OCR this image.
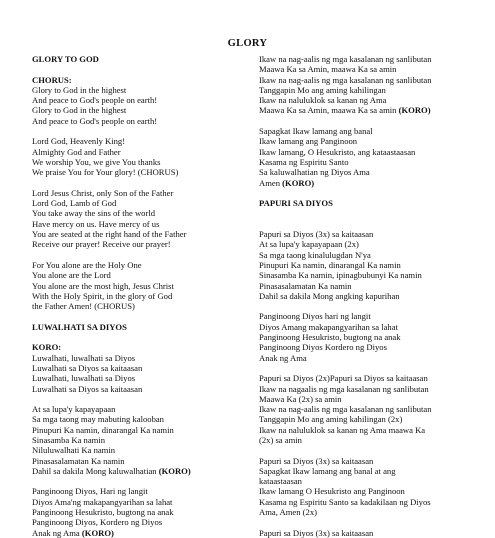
GLORY
GLORY TO GOD
CHORUS:
Glory to God in the highest
And peace to God's people on earth!
Glory to God in the highest
And peace to God's people on earth!
Lord God, Heavenly King!
Almighty God and Father
We worship You, we give You thanks
We praise You for Your glory! (CHORUS)
Lord Jesus Christ, only Son of the Father
Lord God, Lamb of God
You take away the sins of the world
Have mercy on us. Have mercy of us
You are seated at the right hand of the Father
Receive our prayer! Receive our prayer!
For You alone are the Holy One
You alone are the Lord
You alone are the most high, Jesus Christ
With the Holy Spirit, in the glory of God
the Father Amen! (CHORUS)
LUWALHATI SA DIYOS
KORO:
Luwalhati, luwalhati sa Diyos
Luwalhati sa Diyos sa kaitaasan
Luwalhati, luwalhati sa Diyos
Luwalhati sa Diyos sa kaitaasan
At sa lupa'y kapayapaan
Sa mga taong may mabuting kalooban
Pinupuri Ka namin, dinarangal Ka namin
Sinasamba Ka namin
Niluluwalhati Ka namin
Pinasasalamatan Ka namin
Dahil sa dakila Mong kaluwalhatian (KORO)
Panginoong Diyos, Hari ng langit
Diyos Ama'ng makapangyarihan sa lahat
Panginoong Hesukristo, bugtong na anak
Panginoong Diyos, Kordero ng Diyos
Anak ng Ama (KORO)
Ikaw na nag-aalis ng mga kasalanan ng sanlibutan
Maawa Ka sa Amin, maawa Ka sa amin
Ikaw na nag-aalis ng mga kasalanan ng sanlibutan
Tanggapin Mo ang aming kahilingan
Ikaw na naluluklok sa kanan ng Ama
Maawa Ka sa Amin, maawa Ka sa amin (KORO)
Sapagkat Ikaw lamang ang banal
Ikaw lamang ang Panginoon
Ikaw lamang, O Hesukristo, ang kataastaasan
Kasama ng Espiritu Santo
Sa kaluwalhatian ng Diyos Ama
Amen (KORO)
PAPURI SA DIYOS
Papuri sa Diyos (3x) sa kaitaasan
At sa lupa'y kapayapaan (2x)
Sa mga taong kinalulugdan N'ya
Pinupuri Ka namin, dinarangal Ka namin
Sinasamba Ka namin, ipinagbubunyi Ka namin
Pinasasalamatan Ka namin
Dahil sa dakila Mong angking kapurihan
Panginoong Diyos hari ng langit
Diyos Amang makapangyarihan sa lahat
Panginoong Hesukristo, bugtong na anak
Panginoong Diyos Kordero ng Diyos
Anak ng Ama
Papuri sa Diyos (2x)Papuri sa Diyos sa kaitaasan
Ikaw na nagaalis ng mga kasalanan ng sanlibutan
Maawa Ka (2x) sa amin
Ikaw na nag-aalis ng mga kasalanan ng sanlibutan
Tanggapin Mo ang aming kahilingan (2x)
Ikaw na naluluklok sa kanan ng Ama maawa Ka
(2x) sa amin
Papuri sa Diyos (3x) sa kaitaasan
Sapagkat Ikaw lamang ang banal at ang
kataastaasan
Ikaw lamang O Hesukristo ang Panginoon
Kasama ng Espiritu Santo sa kadakilaan ng Diyos
Ama, Amen (2x)
Papuri sa Diyos (3x) sa kaitaasan
